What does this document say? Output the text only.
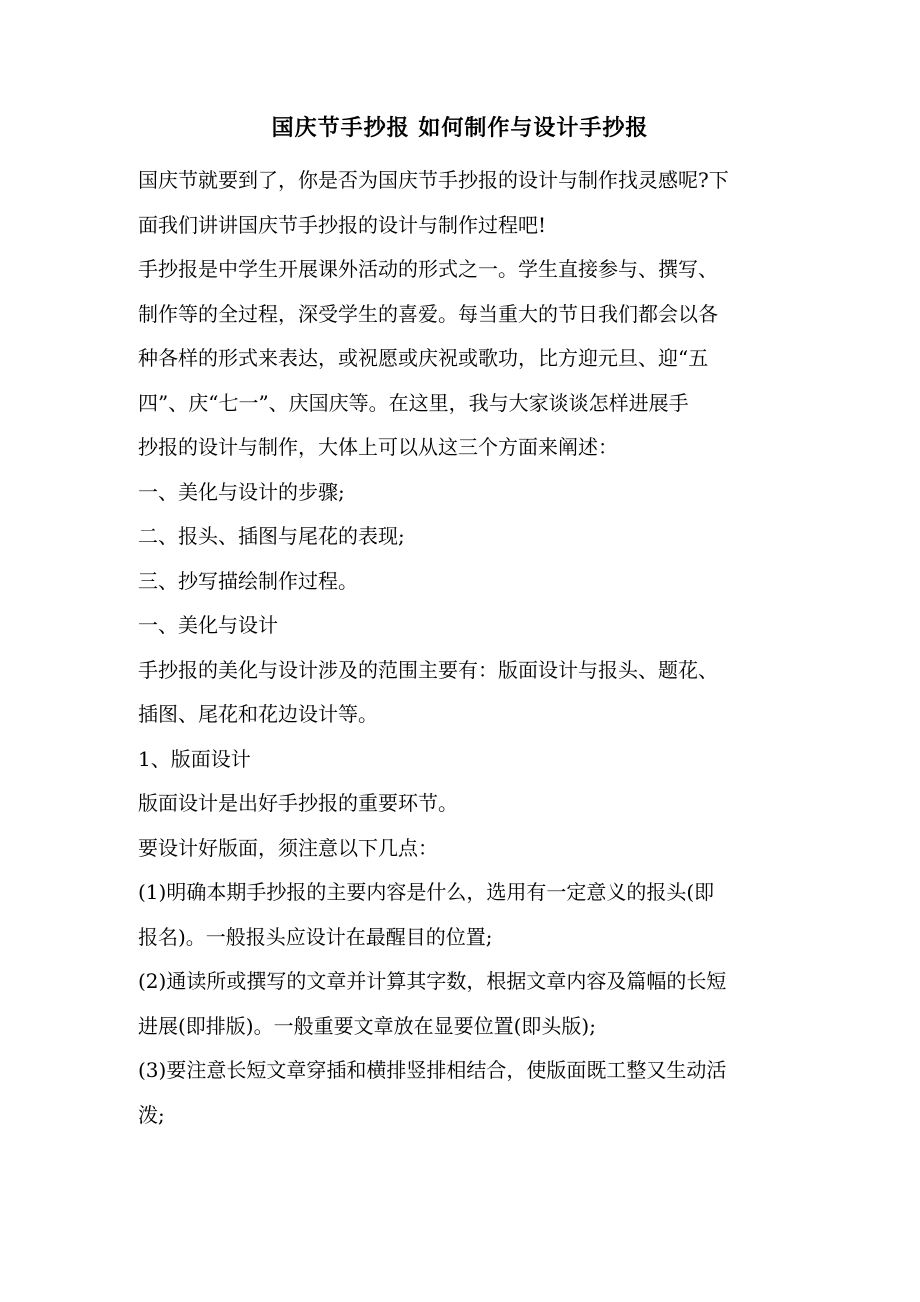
国庆节手抄报 如何制作与设计手抄报
国庆节就要到了，你是否为国庆节手抄报的设计与制作找灵感呢?下
面我们讲讲国庆节手抄报的设计与制作过程吧!
手抄报是中学生开展课外活动的形式之一。学生直接参与、撰写、
制作等的全过程，深受学生的喜爱。每当重大的节日我们都会以各
种各样的形式来表达，或祝愿或庆祝或歌功，比方迎元旦、迎“五
四”、庆“七一”、庆国庆等。在这里，我与大家谈谈怎样进展手
抄报的设计与制作，大体上可以从这三个方面来阐述：
一、美化与设计的步骤;
二、报头、插图与尾花的表现;
三、抄写描绘制作过程。
一、美化与设计
手抄报的美化与设计涉及的范围主要有：版面设计与报头、题花、
插图、尾花和花边设计等。
1、版面设计
版面设计是出好手抄报的重要环节。
要设计好版面，须注意以下几点：
(1)明确本期手抄报的主要内容是什么，选用有一定意义的报头(即
报名)。一般报头应设计在最醒目的位置;
(2)通读所或撰写的文章并计算其字数，根据文章内容及篇幅的长短
进展(即排版)。一般重要文章放在显要位置(即头版);
(3)要注意长短文章穿插和横排竖排相结合，使版面既工整又生动活
泼;
